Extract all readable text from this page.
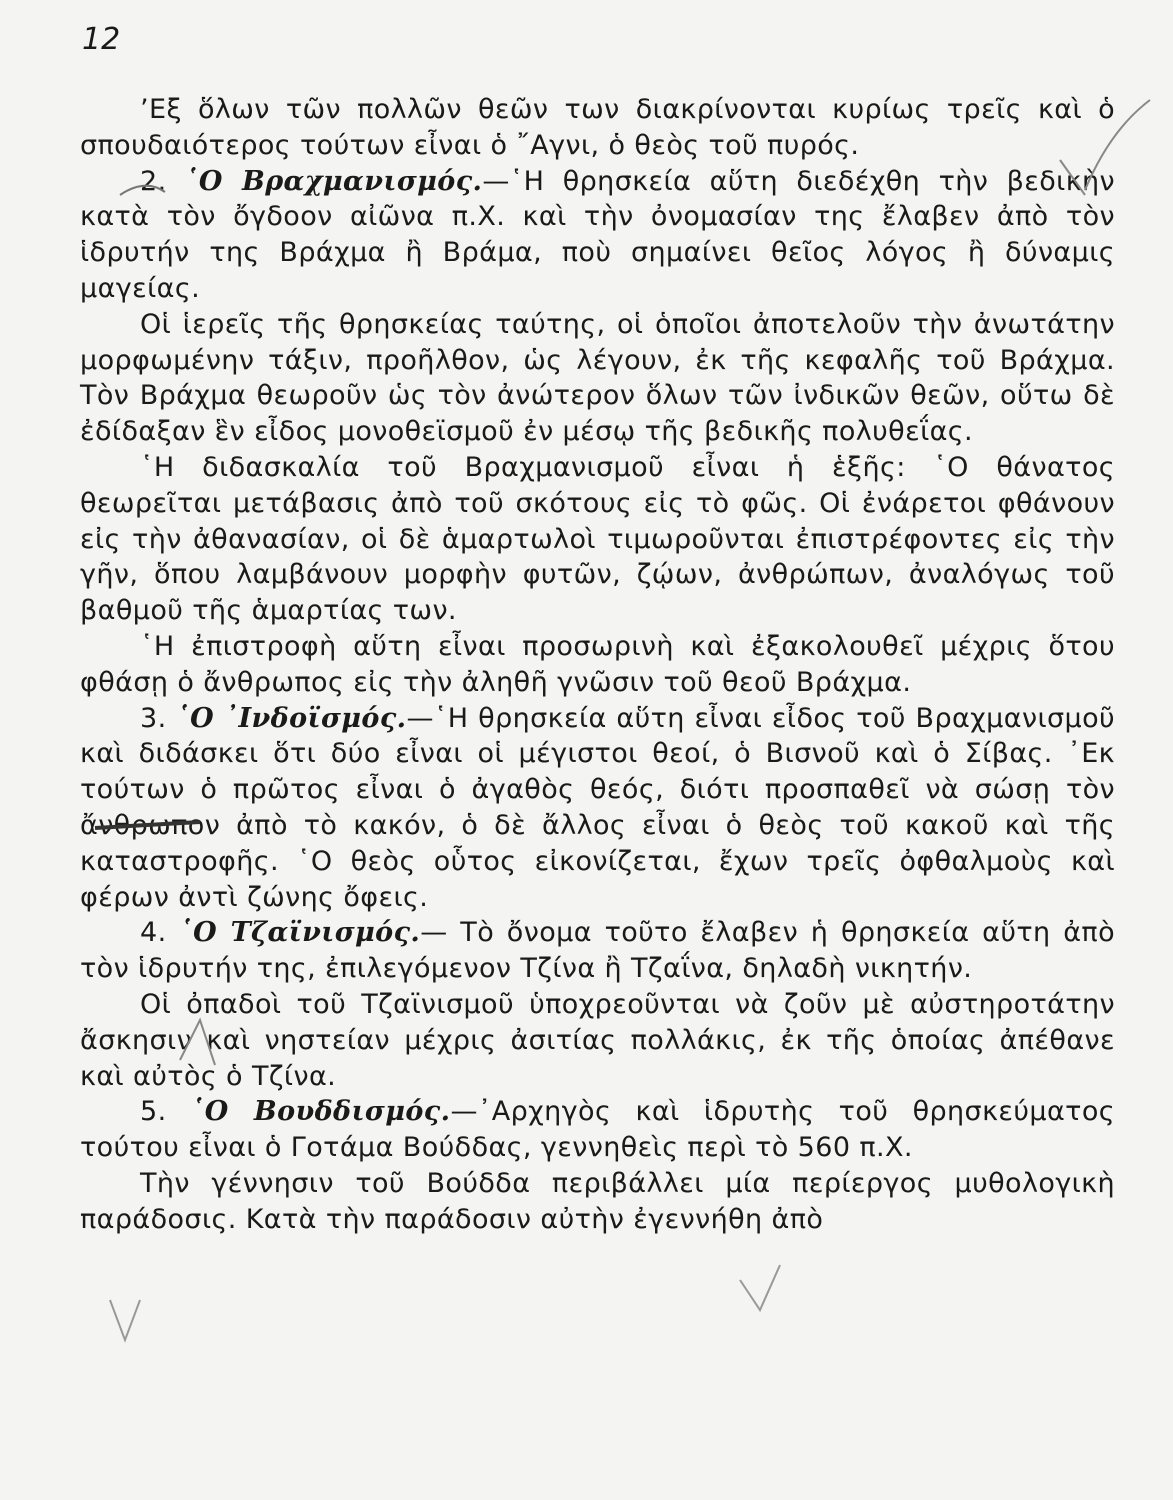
12

’Εξ ὅλων τῶν πολλῶν θεῶν των διακρίνονται κυρίως τρεῖς καὶ ὁ σπουδαιότερος τούτων εἶναι ὁ ῎Αγνι, ὁ θεὸς τοῦ πυρός.

2. ῾Ο Βραχμανισμός.—῾Η θρησκεία αὕτη διεδέχθη τὴν βεδικὴν κατὰ τὸν ὄγδοον αἰῶνα π.Χ. καὶ τὴν ὀνομασίαν της ἔλαβεν ἀπὸ τὸν ἱδρυτήν της Βράχμα ἢ Βράμα, ποὺ σημαίνει θεῖος λόγος ἢ δύναμις μαγείας.

Οἱ ἱερεῖς τῆς θρησκείας ταύτης, οἱ ὁποῖοι ἀποτελοῦν τὴν ἀνωτάτην μορφωμένην τάξιν, προῆλθον, ὡς λέγουν, ἐκ τῆς κεφαλῆς τοῦ Βράχμα. Τὸν Βράχμα θεωροῦν ὡς τὸν ἀνώτερον ὅλων τῶν ἰνδικῶν θεῶν, οὕτω δὲ ἐδίδαξαν ἓν εἶδος μονοθεϊσμοῦ ἐν μέσῳ τῆς βεδικῆς πολυθεΐας.

῾Η διδασκαλία τοῦ Βραχμανισμοῦ εἶναι ἡ ἑξῆς: ῾Ο θάνατος θεωρεῖται μετάβασις ἀπὸ τοῦ σκότους εἰς τὸ φῶς. Οἱ ἐνάρετοι φθάνουν εἰς τὴν ἀθανασίαν, οἱ δὲ ἁμαρτωλοὶ τιμωροῦνται ἐπιστρέφοντες εἰς τὴν γῆν, ὅπου λαμβάνουν μορφὴν φυτῶν, ζῴων, ἀνθρώπων, ἀναλόγως τοῦ βαθμοῦ τῆς ἁμαρτίας των.

῾Η ἐπιστροφὴ αὕτη εἶναι προσωρινὴ καὶ ἐξακολουθεῖ μέχρις ὅτου φθάσῃ ὁ ἄνθρωπος εἰς τὴν ἀληθῆ γνῶσιν τοῦ θεοῦ Βράχμα.

3. ῾Ο ᾿Ινδοϊσμός.—῾Η θρησκεία αὕτη εἶναι εἶδος τοῦ Βραχμανισμοῦ καὶ διδάσκει ὅτι δύο εἶναι οἱ μέγιστοι θεοί, ὁ Βισνοῦ καὶ ὁ Σίβας. ᾿Εκ τούτων ὁ πρῶτος εἶναι ὁ ἀγαθὸς θεός, διότι προσπαθεῖ νὰ σώσῃ τὸν ἄνθρωπον ἀπὸ τὸ κακόν, ὁ δὲ ἄλλος εἶναι ὁ θεὸς τοῦ κακοῦ καὶ τῆς καταστροφῆς. ῾Ο θεὸς οὗτος εἰκονίζεται, ἔχων τρεῖς ὀφθαλμοὺς καὶ φέρων ἀντὶ ζώνης ὄφεις.

4. ῾Ο Τζαϊνισμός.— Τὸ ὄνομα τοῦτο ἔλαβεν ἡ θρησκεία αὕτη ἀπὸ τὸν ἱδρυτήν της, ἐπιλεγόμενον Τζίνα ἢ Τζαΐνα, δηλαδὴ νικητήν.

Οἱ ὀπαδοὶ τοῦ Τζαϊνισμοῦ ὑποχρεοῦνται νὰ ζοῦν μὲ αὐστηροτάτην ἄσκησιν καὶ νηστείαν μέχρις ἀσιτίας πολλάκις, ἐκ τῆς ὁποίας ἀπέθανε καὶ αὐτὸς ὁ Τζίνα.

5. ῾Ο Βουδδισμός.—᾿Αρχηγὸς καὶ ἱδρυτὴς τοῦ θρησκεύματος τούτου εἶναι ὁ Γοτάμα Βούδδας, γεννηθεὶς περὶ τὸ 560 π.Χ.

Τὴν γέννησιν τοῦ Βούδδα περιβάλλει μία περίεργος μυθολογικὴ παράδοσις. Κατὰ τὴν παράδοσιν αὐτὴν ἐγεννήθη ἀπὸ
